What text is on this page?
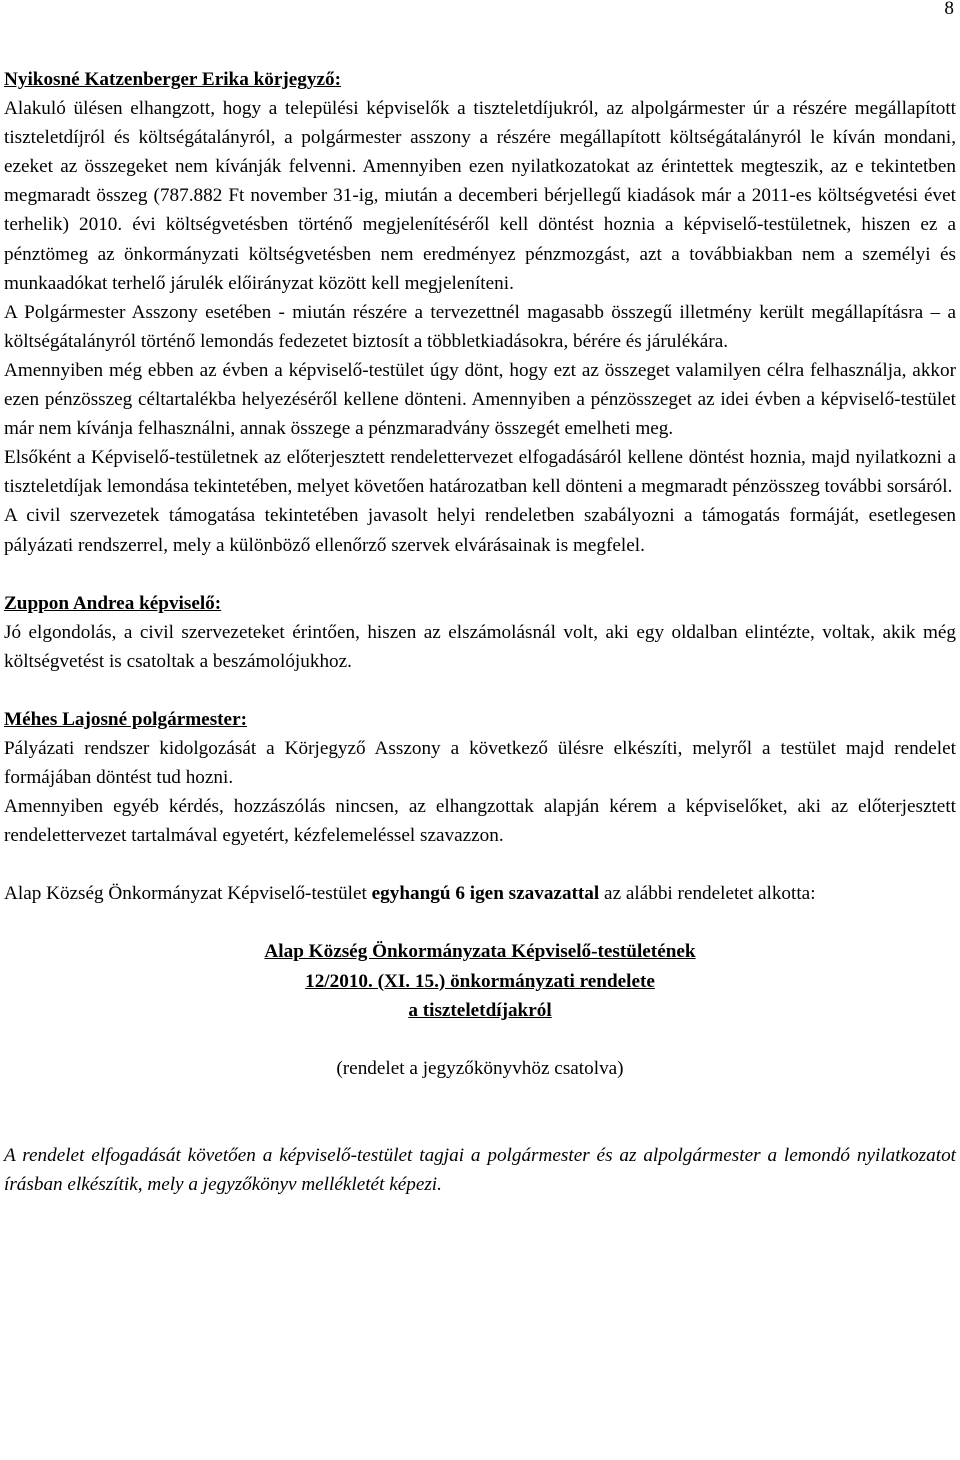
8

Nyikosné Katzenberger Erika körjegyző:

Alakuló ülésen elhangzott, hogy a települési képviselők a tiszteletdíjukról, az alpolgármester úr a részére megállapított tiszteletdíjról és költségátalányról, a polgármester asszony a részére megállapított költségátalányról le kíván mondani, ezeket az összegeket nem kívánják felvenni. Amennyiben ezen nyilatkozatokat az érintettek megteszik, az e tekintetben megmaradt összeg (787.882 Ft november 31-ig, miután a decemberi bérjellegű kiadások már a 2011-es költségvetési évet terhelik) 2010. évi költségvetésben történő megjelenítéséről kell döntést hoznia a képviselő-testületnek, hiszen ez a pénztömeg az önkormányzati költségvetésben nem eredményez pénzmozgást, azt a továbbiakban nem a személyi és munkaadókat terhelő járulék előirányzat között kell megjeleníteni.

A Polgármester Asszony esetében - miután részére a tervezettnél magasabb összegű illetmény került megállapításra – a költségátalányról történő lemondás fedezetet biztosít a többletkiadásokra, bérére és járulékára.

Amennyiben még ebben az évben a képviselő-testület úgy dönt, hogy ezt az összeget valamilyen célra felhasználja, akkor ezen pénzösszeg céltartalékba helyezéséről kellene dönteni. Amennyiben a pénzösszeget az idei évben a képviselő-testület már nem kívánja felhasználni, annak összege a pénzmaradvány összegét emelheti meg.

Elsőként a Képviselő-testületnek az előterjesztett rendelettervezet elfogadásáról kellene döntést hoznia, majd nyilatkozni a tiszteletdíjak lemondása tekintetében, melyet követően határozatban kell dönteni a megmaradt pénzösszeg további sorsáról.

A civil szervezetek támogatása tekintetében javasolt helyi rendeletben szabályozni a támogatás formáját, esetlegesen pályázati rendszerrel, mely a különböző ellenőrző szervek elvárásainak is megfelel.

Zuppon Andrea képviselő:

Jó elgondolás, a civil szervezeteket érintően, hiszen az elszámolásnál volt, aki egy oldalban elintézte, voltak, akik még költségvetést is csatoltak a beszámolójukhoz.

Méhes Lajosné polgármester:

Pályázati rendszer kidolgozását a Körjegyző Asszony a következő ülésre elkészíti, melyről a testület majd rendelet formájában döntést tud hozni.

Amennyiben egyéb kérdés, hozzászólás nincsen, az elhangzottak alapján kérem a képviselőket, aki az előterjesztett rendelettervezet tartalmával egyetért, kézfelemeléssel szavazzon.

Alap Község Önkormányzat Képviselő-testület egyhangú 6 igen szavazattal az alábbi rendeletet alkotta:

Alap Község Önkormányzata Képviselő-testületének

12/2010. (XI. 15.) önkormányzati rendelete

a tiszteletdíjakról

(rendelet a jegyzőkönyvhöz csatolva)

A rendelet elfogadását követően a képviselő-testület tagjai a polgármester és az alpolgármester a lemondó nyilatkozatot írásban elkészítik, mely a jegyzőkönyv mellékletét képezi.
